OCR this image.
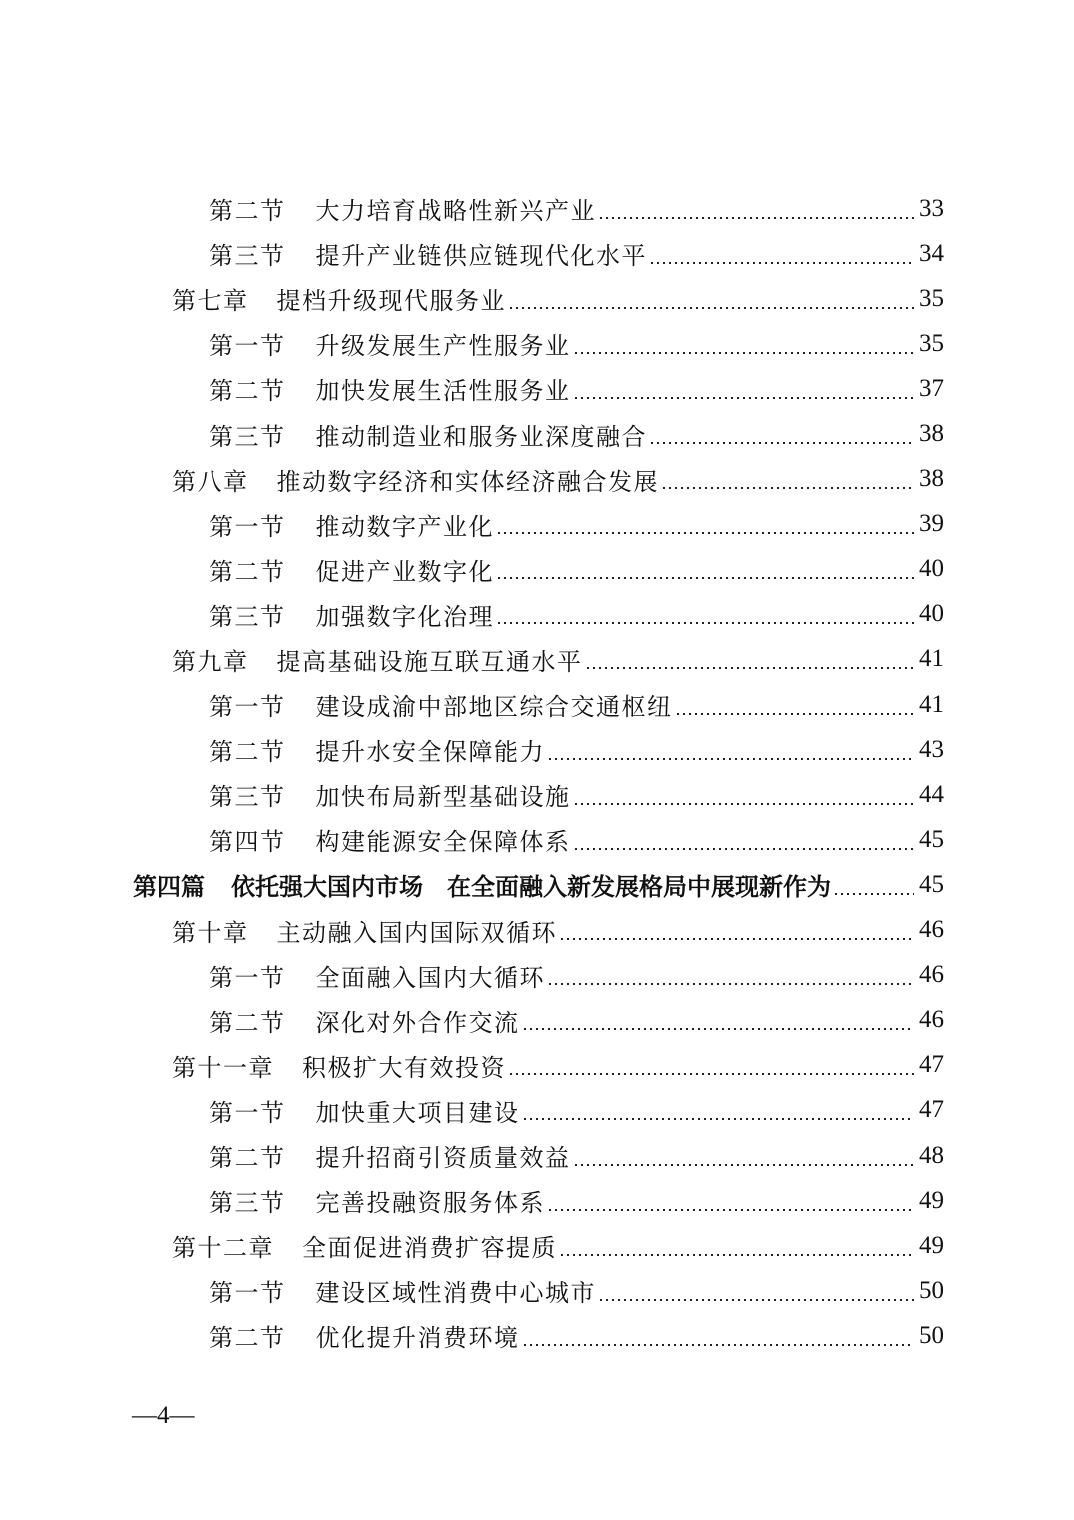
第二节 大力培育战略性新兴产业	33
第三节 提升产业链供应链现代化水平	34
第七章 提档升级现代服务业	35
第一节 升级发展生产性服务业	35
第二节 加快发展生活性服务业	37
第三节 推动制造业和服务业深度融合	38
第八章 推动数字经济和实体经济融合发展	38
第一节 推动数字产业化	39
第二节 促进产业数字化	40
第三节 加强数字化治理	40
第九章 提高基础设施互联互通水平	41
第一节 建设成渝中部地区综合交通枢纽	41
第二节 提升水安全保障能力	43
第三节 加快布局新型基础设施	44
第四节 构建能源安全保障体系	45
第四篇 依托强大国内市场　在全面融入新发展格局中展现新作为	45
第十章 主动融入国内国际双循环	46
第一节 全面融入国内大循环	46
第二节 深化对外合作交流	46
第十一章 积极扩大有效投资	47
第一节 加快重大项目建设	47
第二节 提升招商引资质量效益	48
第三节 完善投融资服务体系	49
第十二章 全面促进消费扩容提质	49
第一节 建设区域性消费中心城市	50
第二节 优化提升消费环境	50
—4—
